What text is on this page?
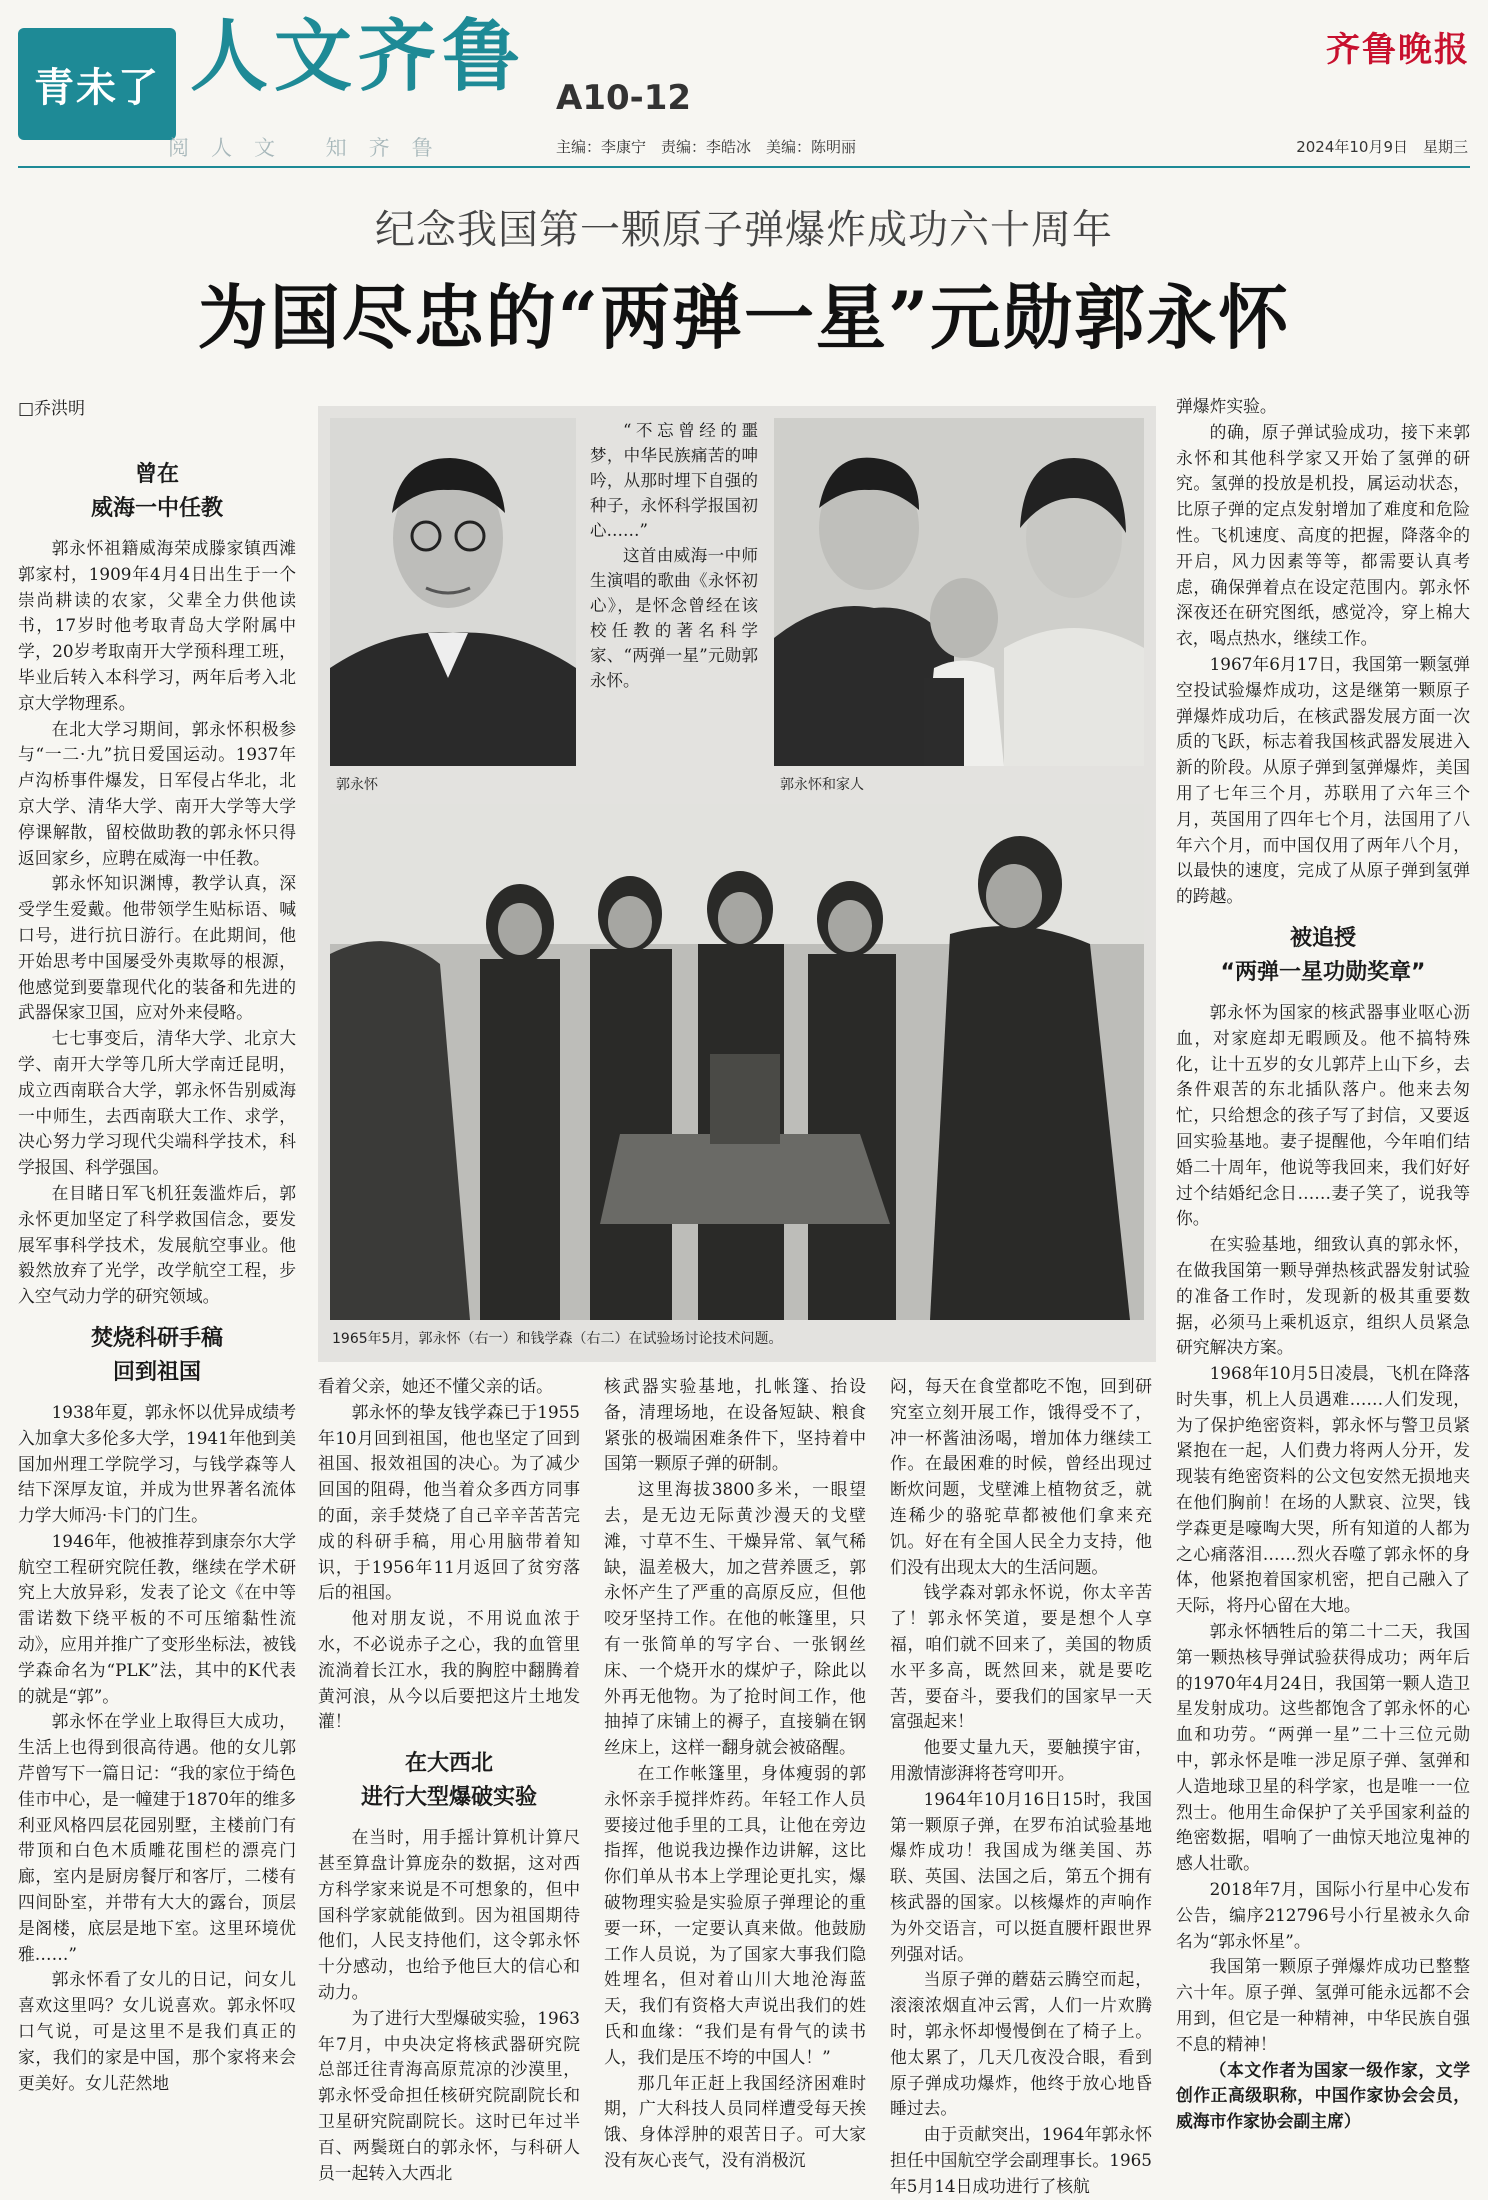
青未了 人文齐鲁 A10-12
齐鲁晚报
阅人文 知齐鲁	主编：李康宁　责编：李皓冰　美编：陈明丽	2024年10月9日　星期三
纪念我国第一颗原子弹爆炸成功六十周年
为国尽忠的“两弹一星”元勋郭永怀
□乔洪明
曾在
威海一中任教

郭永怀祖籍威海荣成滕家镇西滩郭家村，1909年4月4日出生于一个崇尚耕读的农家，父辈全力供他读书，17岁时他考取青岛大学附属中学，20岁考取南开大学预科理工班，毕业后转入本科学习，两年后考入北京大学物理系。

在北大学习期间，郭永怀积极参与“一二·九”抗日爱国运动。1937年卢沟桥事件爆发，日军侵占华北，北京大学、清华大学、南开大学等大学停课解散，留校做助教的郭永怀只得返回家乡，应聘在威海一中任教。

郭永怀知识渊博，教学认真，深受学生爱戴。他带领学生贴标语、喊口号，进行抗日游行。在此期间，他开始思考中国屡受外夷欺辱的根源，他感觉到要靠现代化的装备和先进的武器保家卫国，应对外来侵略。

七七事变后，清华大学、北京大学、南开大学等几所大学南迁昆明，成立西南联合大学，郭永怀告别威海一中师生，去西南联大工作、求学，决心努力学习现代尖端科学技术，科学报国、科学强国。

在目睹日军飞机狂轰滥炸后，郭永怀更加坚定了科学救国信念，要发展军事科学技术，发展航空事业。他毅然放弃了光学，改学航空工程，步入空气动力学的研究领域。

焚烧科研手稿
回到祖国

1938年夏，郭永怀以优异成绩考入加拿大多伦多大学，1941年他到美国加州理工学院学习，与钱学森等人结下深厚友谊，并成为世界著名流体力学大师冯·卡门的门生。

1946年，他被推荐到康奈尔大学航空工程研究院任教，继续在学术研究上大放异彩，发表了论文《在中等雷诺数下绕平板的不可压缩黏性流动》，应用并推广了变形坐标法，被钱学森命名为“PLK”法，其中的K代表的就是“郭”。

郭永怀在学业上取得巨大成功，生活上也得到很高待遇。他的女儿郭芹曾写下一篇日记：“我的家位于绮色佳市中心，是一幢建于1870年的维多利亚风格四层花园别墅，主楼前门有带顶和白色木质雕花围栏的漂亮门廊，室内是厨房餐厅和客厅，二楼有四间卧室，并带有大大的露台，顶层是阁楼，底层是地下室。这里环境优雅……”

郭永怀看了女儿的日记，问女儿喜欢这里吗？女儿说喜欢。郭永怀叹口气说，可是这里不是我们真正的家，我们的家是中国，那个家将来会更美好。女儿茫然地

郭永怀

“不忘曾经的噩梦，中华民族痛苦的呻吟，从那时埋下自强的种子，永怀科学报国初心……”

这首由威海一中师生演唱的歌曲《永怀初心》，是怀念曾经在该校任教的著名科学家、“两弹一星”元勋郭永怀。

郭永怀和家人
1965年5月，郭永怀（右一）和钱学森（右二）在试验场讨论技术问题。

看着父亲，她还不懂父亲的话。

郭永怀的挚友钱学森已于1955年10月回到祖国，他也坚定了回到祖国、报效祖国的决心。为了减少回国的阻碍，他当着众多西方同事的面，亲手焚烧了自己辛辛苦苦完成的科研手稿，用心用脑带着知识，于1956年11月返回了贫穷落后的祖国。

他对朋友说，不用说血浓于水，不必说赤子之心，我的血管里流淌着长江水，我的胸腔中翻腾着黄河浪，从今以后要把这片土地发灌！

在大西北
进行大型爆破实验

在当时，用手摇计算机计算尺甚至算盘计算庞杂的数据，这对西方科学家来说是不可想象的，但中国科学家就能做到。因为祖国期待他们，人民支持他们，这令郭永怀十分感动，也给予他巨大的信心和动力。

为了进行大型爆破实验，1963年7月，中央决定将核武器研究院总部迁往青海高原荒凉的沙漠里，郭永怀受命担任核研究院副院长和卫星研究院副院长。这时已年过半百、两鬓斑白的郭永怀，与科研人员一起转入大西北

核武器实验基地，扎帐篷、抬设备，清理场地，在设备短缺、粮食紧张的极端困难条件下，坚持着中国第一颗原子弹的研制。

这里海拔3800多米，一眼望去，是无边无际黄沙漫天的戈壁滩，寸草不生、干燥异常、氧气稀缺，温差极大，加之营养匮乏，郭永怀产生了严重的高原反应，但他咬牙坚持工作。在他的帐篷里，只有一张简单的写字台、一张钢丝床、一个烧开水的煤炉子，除此以外再无他物。为了抢时间工作，他抽掉了床铺上的褥子，直接躺在钢丝床上，这样一翻身就会被硌醒。

在工作帐篷里，身体瘦弱的郭永怀亲手搅拌炸药。年轻工作人员要接过他手里的工具，让他在旁边指挥，他说我边操作边讲解，这比你们单从书本上学理论更扎实，爆破物理实验是实验原子弹理论的重要一环，一定要认真来做。他鼓励工作人员说，为了国家大事我们隐姓埋名，但对着山川大地沧海蓝天，我们有资格大声说出我们的姓氏和血缘：“我们是有骨气的读书人，我们是压不垮的中国人！”

那几年正赶上我国经济困难时期，广大科技人员同样遭受每天挨饿、身体浮肿的艰苦日子。可大家没有灰心丧气，没有消极沉

闷，每天在食堂都吃不饱，回到研究室立刻开展工作，饿得受不了，冲一杯酱油汤喝，增加体力继续工作。在最困难的时候，曾经出现过断炊问题，戈壁滩上植物贫乏，就连稀少的骆驼草都被他们拿来充饥。好在有全国人民全力支持，他们没有出现太大的生活问题。

钱学森对郭永怀说，你太辛苦了！郭永怀笑道，要是想个人享福，咱们就不回来了，美国的物质水平多高，既然回来，就是要吃苦，要奋斗，要我们的国家早一天富强起来！

他要丈量九天，要触摸宇宙，用激情澎湃将苍穹叩开。

1964年10月16日15时，我国第一颗原子弹，在罗布泊试验基地爆炸成功！我国成为继美国、苏联、英国、法国之后，第五个拥有核武器的国家。以核爆炸的声响作为外交语言，可以挺直腰杆跟世界列强对话。

当原子弹的蘑菇云腾空而起，滚滚浓烟直冲云霄，人们一片欢腾时，郭永怀却慢慢倒在了椅子上。他太累了，几天几夜没合眼，看到原子弹成功爆炸，他终于放心地昏睡过去。

由于贡献突出，1964年郭永怀担任中国航空学会副理事长。1965年5月14日成功进行了核航

弹爆炸实验。

的确，原子弹试验成功，接下来郭永怀和其他科学家又开始了氢弹的研究。氢弹的投放是机投，属运动状态，比原子弹的定点发射增加了难度和危险性。飞机速度、高度的把握，降落伞的开启，风力因素等等，都需要认真考虑，确保弹着点在设定范围内。郭永怀深夜还在研究图纸，感觉冷，穿上棉大衣，喝点热水，继续工作。

1967年6月17日，我国第一颗氢弹空投试验爆炸成功，这是继第一颗原子弹爆炸成功后，在核武器发展方面一次质的飞跃，标志着我国核武器发展进入新的阶段。从原子弹到氢弹爆炸，美国用了七年三个月，苏联用了六年三个月，英国用了四年七个月，法国用了八年六个月，而中国仅用了两年八个月，以最快的速度，完成了从原子弹到氢弹的跨越。

被追授
“两弹一星功勋奖章”

郭永怀为国家的核武器事业呕心沥血，对家庭却无暇顾及。他不搞特殊化，让十五岁的女儿郭芹上山下乡，去条件艰苦的东北插队落户。他来去匆忙，只给想念的孩子写了封信，又要返回实验基地。妻子提醒他，今年咱们结婚二十周年，他说等我回来，我们好好过个结婚纪念日……妻子笑了，说我等你。

在实验基地，细致认真的郭永怀，在做我国第一颗导弹热核武器发射试验的准备工作时，发现新的极其重要数据，必须马上乘机返京，组织人员紧急研究解决方案。

1968年10月5日凌晨，飞机在降落时失事，机上人员遇难……人们发现，为了保护绝密资料，郭永怀与警卫员紧紧抱在一起，人们费力将两人分开，发现装有绝密资料的公文包安然无损地夹在他们胸前！在场的人默哀、泣哭，钱学森更是嚎啕大哭，所有知道的人都为之心痛落泪……烈火吞噬了郭永怀的身体，他紧抱着国家机密，把自己融入了天际，将丹心留在大地。

郭永怀牺牲后的第二十二天，我国第一颗热核导弹试验获得成功；两年后的1970年4月24日，我国第一颗人造卫星发射成功。这些都饱含了郭永怀的心血和功劳。“两弹一星”二十三位元勋中，郭永怀是唯一涉足原子弹、氢弹和人造地球卫星的科学家，也是唯一一位烈士。他用生命保护了关乎国家利益的绝密数据，唱响了一曲惊天地泣鬼神的感人壮歌。

2018年7月，国际小行星中心发布公告，编序212796号小行星被永久命名为“郭永怀星”。

我国第一颗原子弹爆炸成功已整整六十年。原子弹、氢弹可能永远都不会用到，但它是一种精神，中华民族自强不息的精神！

（本文作者为国家一级作家，文学创作正高级职称，中国作家协会会员，威海市作家协会副主席）
